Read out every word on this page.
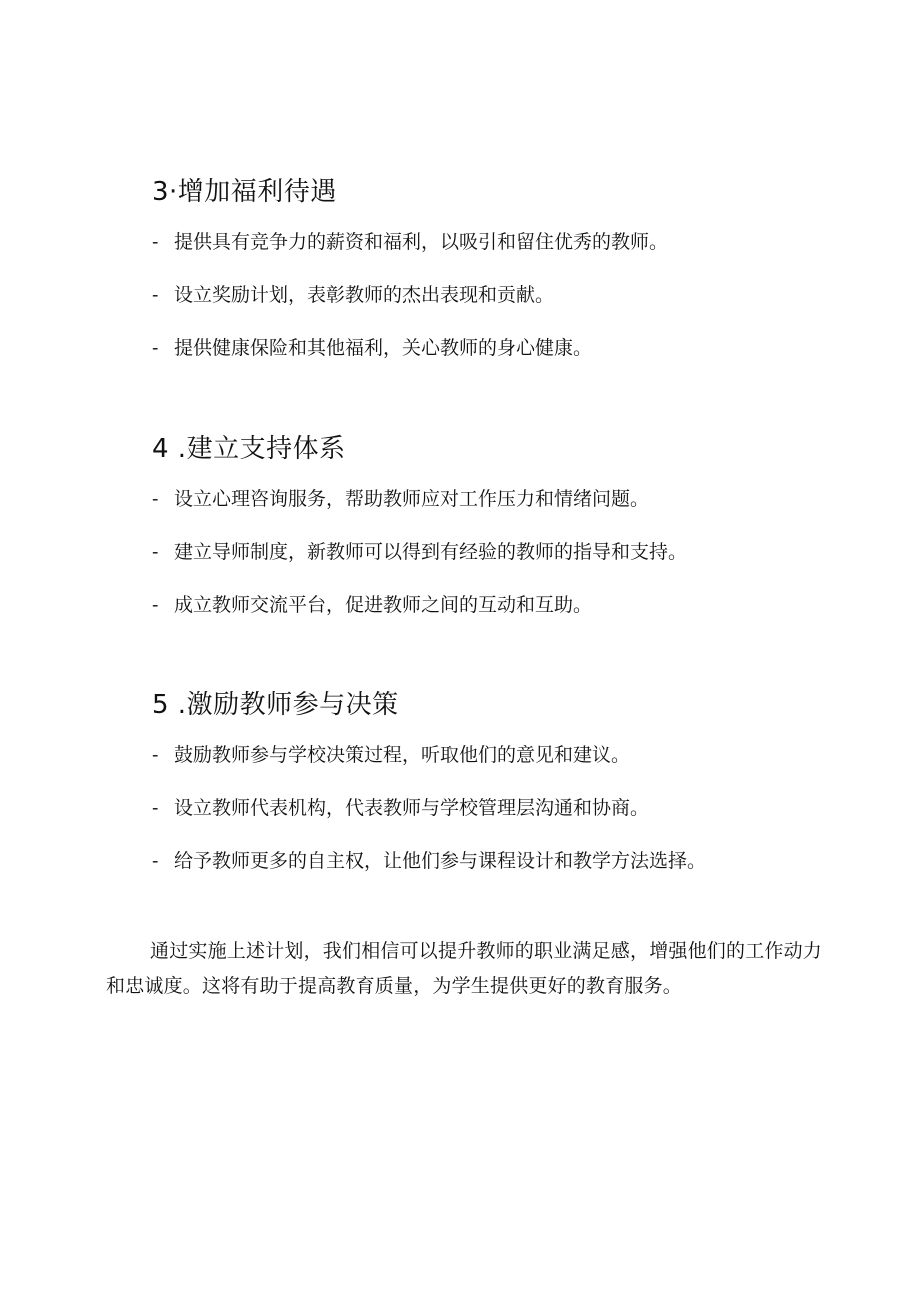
3·增加福利待遇
- 提供具有竞争力的薪资和福利，以吸引和留住优秀的教师。
- 设立奖励计划，表彰教师的杰出表现和贡献。
- 提供健康保险和其他福利，关心教师的身心健康。
4 .建立支持体系
- 设立心理咨询服务，帮助教师应对工作压力和情绪问题。
- 建立导师制度，新教师可以得到有经验的教师的指导和支持。
- 成立教师交流平台，促进教师之间的互动和互助。
5 .激励教师参与决策
- 鼓励教师参与学校决策过程，听取他们的意见和建议。
- 设立教师代表机构，代表教师与学校管理层沟通和协商。
- 给予教师更多的自主权，让他们参与课程设计和教学方法选择。

通过实施上述计划，我们相信可以提升教师的职业满足感，增强他们的工作动力和忠诚度。这将有助于提高教育质量，为学生提供更好的教育服务。
